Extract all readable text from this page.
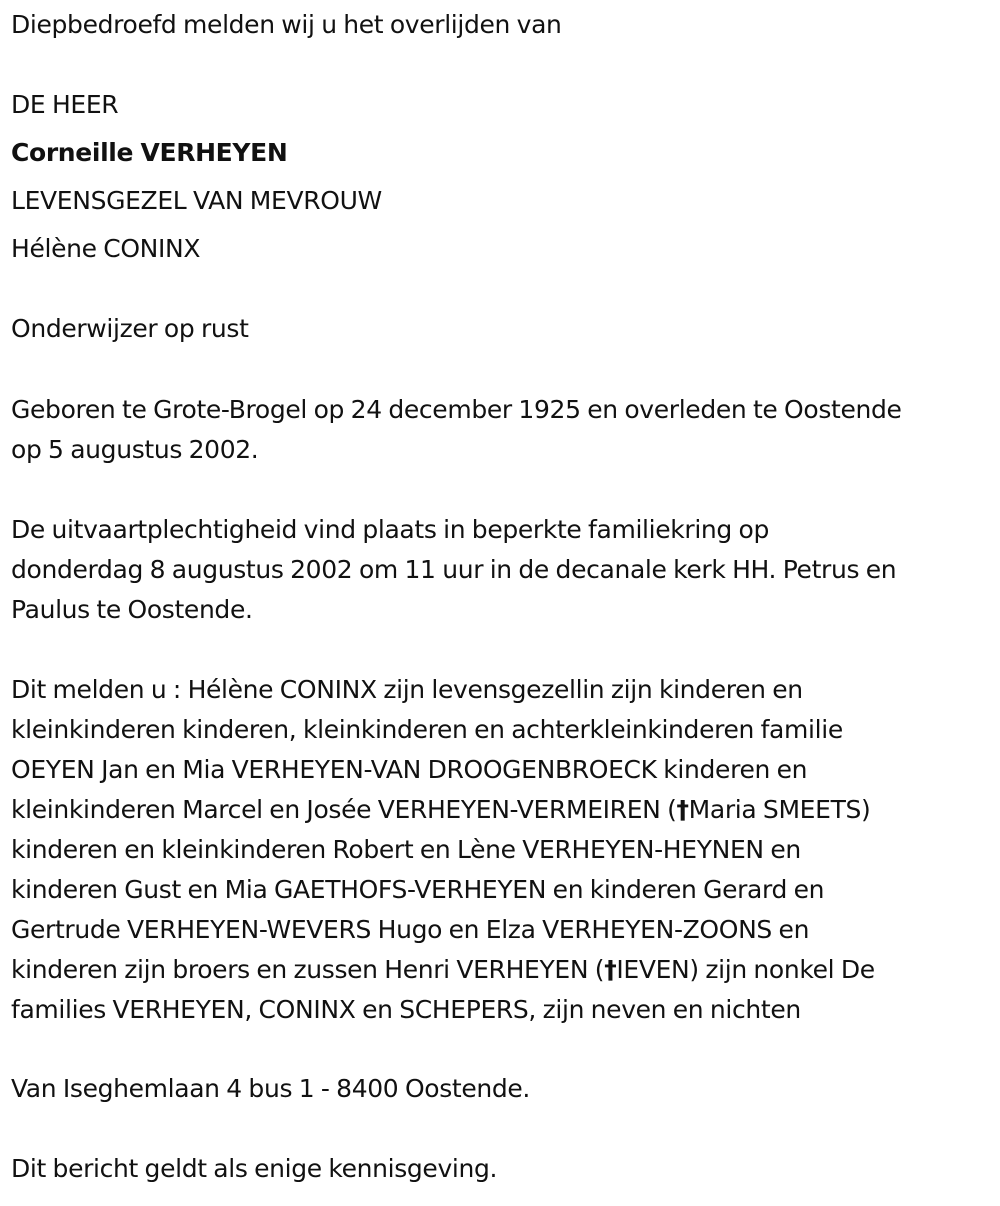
Diepbedroefd melden wij u het overlijden van
DE HEER
Corneille VERHEYEN
LEVENSGEZEL VAN MEVROUW
Hélène CONINX
Onderwijzer op rust
Geboren te Grote-Brogel op 24 december 1925 en overleden te Oostende
op 5 augustus 2002.
De uitvaartplechtigheid vind plaats in beperkte familiekring op
donderdag 8 augustus 2002 om 11 uur in de decanale kerk HH. Petrus en
Paulus te Oostende.
Dit melden u : Hélène CONINX zijn levensgezellin zijn kinderen en
kleinkinderen kinderen, kleinkinderen en achterkleinkinderen familie
OEYEN Jan en Mia VERHEYEN-VAN DROOGENBROECK kinderen en
kleinkinderen Marcel en Josée VERHEYEN-VERMEIREN (†Maria SMEETS)
kinderen en kleinkinderen Robert en Lène VERHEYEN-HEYNEN en
kinderen Gust en Mia GAETHOFS-VERHEYEN en kinderen Gerard en
Gertrude VERHEYEN-WEVERS Hugo en Elza VERHEYEN-ZOONS en
kinderen zijn broers en zussen Henri VERHEYEN (†IEVEN) zijn nonkel De
families VERHEYEN, CONINX en SCHEPERS, zijn neven en nichten
Van Iseghemlaan 4 bus 1 - 8400 Oostende.
Dit bericht geldt als enige kennisgeving.
